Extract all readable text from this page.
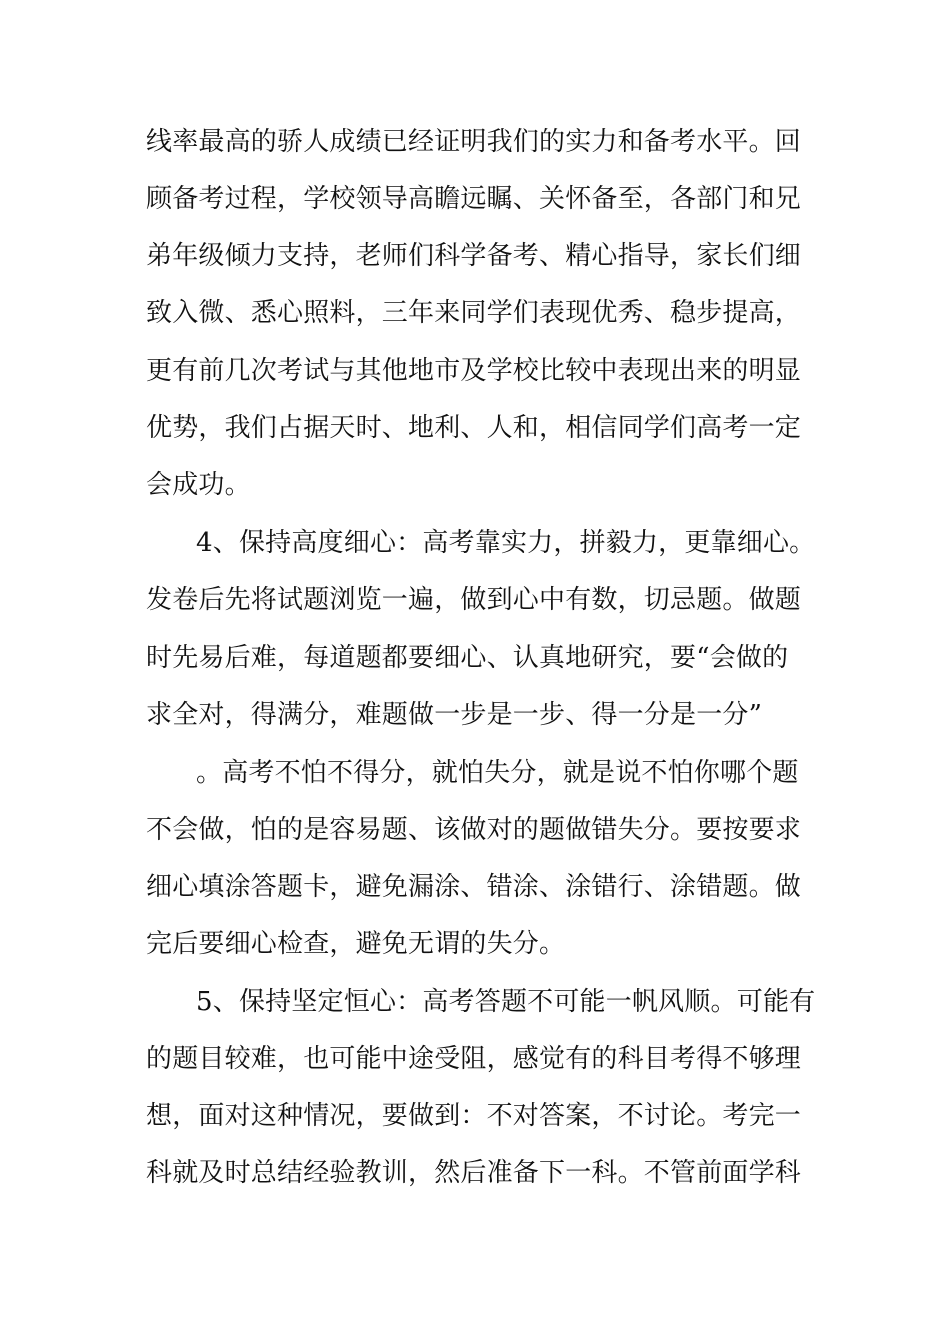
线率最高的骄人成绩已经证明我们的实力和备考水平。回
顾备考过程，学校领导高瞻远瞩、关怀备至，各部门和兄
弟年级倾力支持，老师们科学备考、精心指导，家长们细
致入微、悉心照料，三年来同学们表现优秀、稳步提高，
更有前几次考试与其他地市及学校比较中表现出来的明显
优势，我们占据天时、地利、人和，相信同学们高考一定
会成功。
4、保持高度细心：高考靠实力，拼毅力，更靠细心。
发卷后先将试题浏览一遍，做到心中有数，切忌题。做题
时先易后难，每道题都要细心、认真地研究，要“会做的
求全对，得满分，难题做一步是一步、得一分是一分”
。高考不怕不得分，就怕失分，就是说不怕你哪个题
不会做，怕的是容易题、该做对的题做错失分。要按要求
细心填涂答题卡，避免漏涂、错涂、涂错行、涂错题。做
完后要细心检查，避免无谓的失分。
5、保持坚定恒心：高考答题不可能一帆风顺。可能有
的题目较难，也可能中途受阻，感觉有的科目考得不够理
想，面对这种情况，要做到：不对答案，不讨论。考完一
科就及时总结经验教训，然后准备下一科。不管前面学科
